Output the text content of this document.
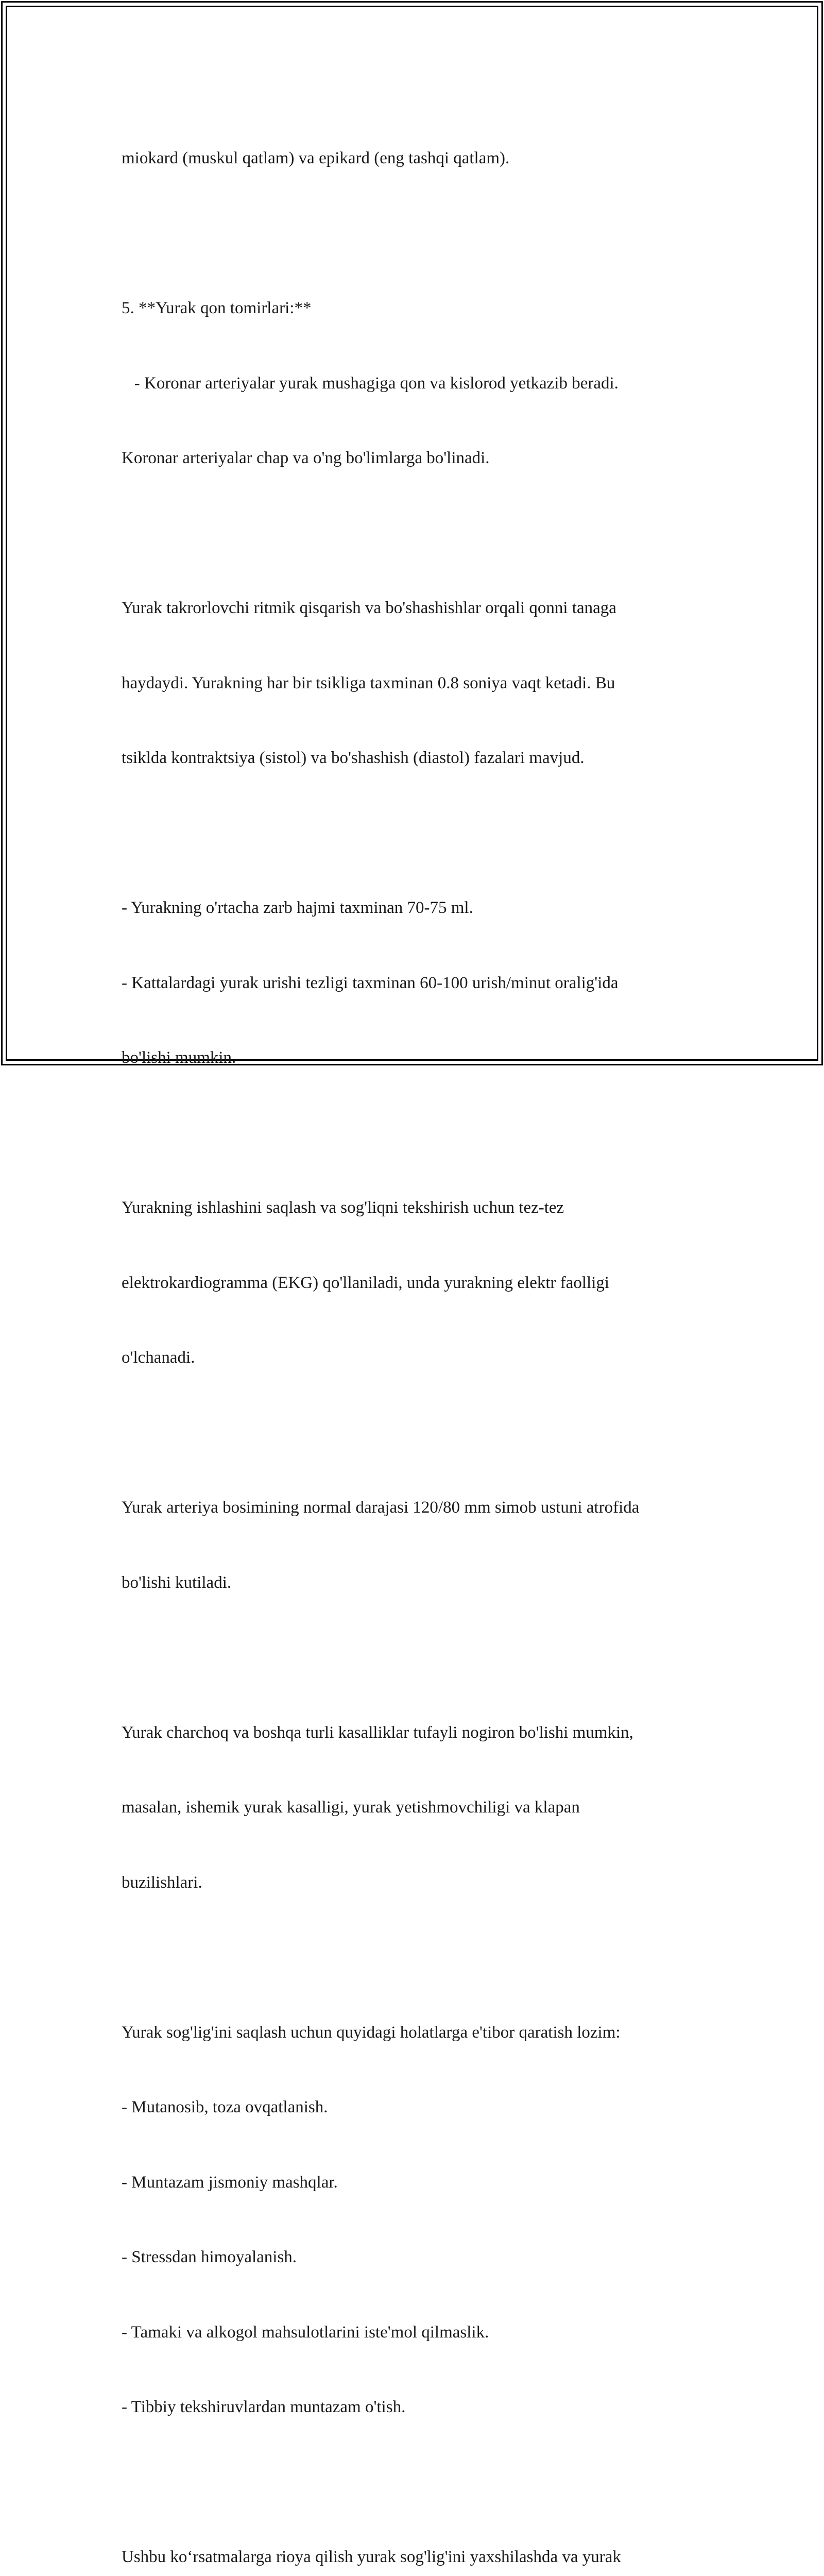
miokard (muskul qatlam) va epikard (eng tashqi qatlam).

5. **Yurak qon tomirlari:**

- Koronar arteriyalar yurak mushagiga qon va kislorod yetkazib beradi.

Koronar arteriyalar chap va o'ng bo'limlarga bo'linadi.

Yurak takrorlovchi ritmik qisqarish va bo'shashishlar orqali qonni tanaga

haydaydi. Yurakning har bir tsikliga taxminan 0.8 soniya vaqt ketadi. Bu

tsiklda kontraktsiya (sistol) va bo'shashish (diastol) fazalari mavjud.

- Yurakning o'rtacha zarb hajmi taxminan 70-75 ml.

- Kattalardagi yurak urishi tezligi taxminan 60-100 urish/minut oralig'ida

bo'lishi mumkin.

Yurakning ishlashini saqlash va sog'liqni tekshirish uchun tez-tez

elektrokardiogramma (EKG) qo'llaniladi, unda yurakning elektr faolligi

o'lchanadi.

Yurak arteriya bosimining normal darajasi 120/80 mm simob ustuni atrofida

bo'lishi kutiladi.

Yurak charchoq va boshqa turli kasalliklar tufayli nogiron bo'lishi mumkin,

masalan, ishemik yurak kasalligi, yurak yetishmovchiligi va klapan

buzilishlari.

Yurak sog'lig'ini saqlash uchun quyidagi holatlarga e'tibor qaratish lozim:

- Mutanosib, toza ovqatlanish.

- Muntazam jismoniy mashqlar.

- Stressdan himoyalanish.

- Tamaki va alkogol mahsulotlarini iste'mol qilmaslik.

- Tibbiy tekshiruvlardan muntazam o'tish.

Ushbu ko‘rsatmalarga rioya qilish yurak sog'lig'ini yaxshilashda va yurak
